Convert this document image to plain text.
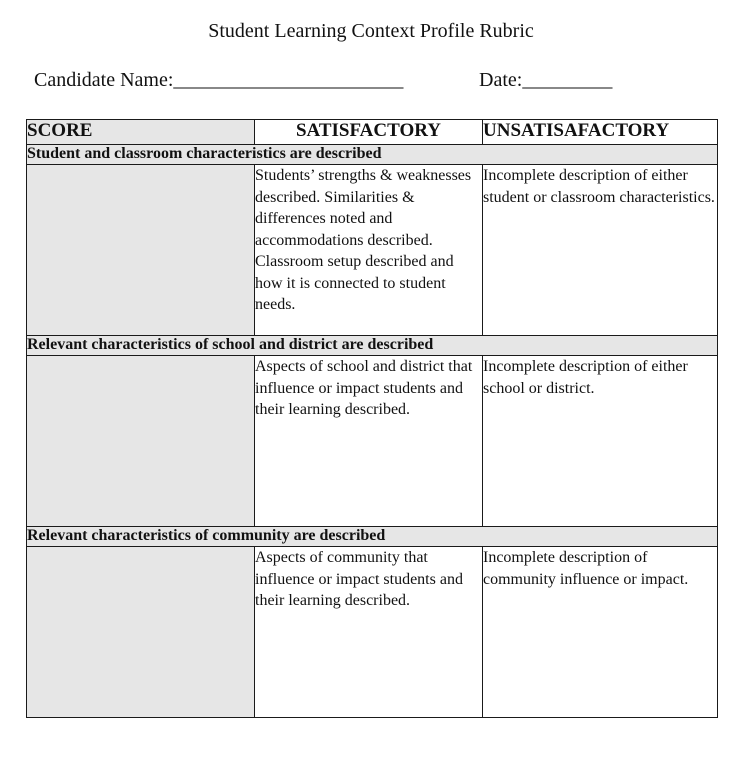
Student Learning Context Profile Rubric
Candidate Name:_______________________	Date:_________
SCORE	SATISFACTORY	UNSATISAFACTORY
Student and classroom characteristics are described		
	Students’ strengths & weaknesses described. Similarities & differences noted and accommodations described. Classroom setup described and how it is connected to student needs.	Incomplete description of either student or classroom characteristics.
Relevant characteristics of school and district are described		
	Aspects of school and district that influence or impact students and their learning described.	Incomplete description of either school or district.
Relevant characteristics of community are described		
	Aspects of community that influence or impact students and their learning described.	Incomplete description of community influence or impact.
